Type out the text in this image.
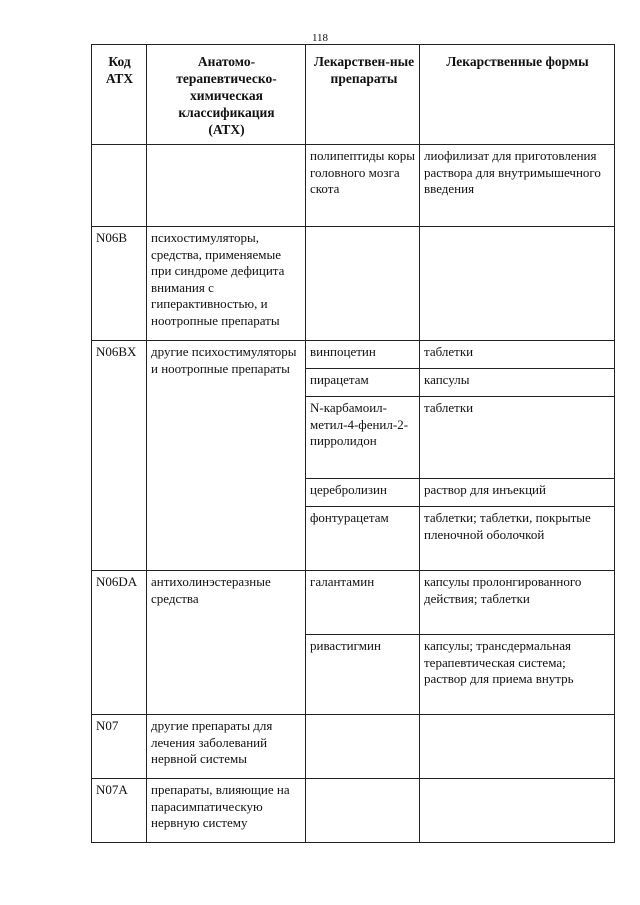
118
Код АТХ	Анатомо-терапевтическо-химическая классификация (АТХ)	Лекарствен-ные препараты	Лекарственные формы
		полипептиды коры головного мозга скота	лиофилизат для приготовления раствора для внутримышечного введения
N06B	психостимуляторы, средства, применяемые при синдроме дефицита внимания с гиперактивностью, и ноотропные препараты		
N06BX	другие психостимуляторы и ноотропные препараты	винпоцетин	таблетки
		пирацетам	капсулы
		N-карбамоил-метил-4-фенил-2-пирролидон	таблетки
		церебролизин	раствор для инъекций
		фонтурацетам	таблетки; таблетки, покрытые пленочной оболочкой
N06DA	антихолинэстеразные средства	галантамин	капсулы пролонгированного действия; таблетки
		ривастигмин	капсулы; трансдермальная терапевтическая система; раствор для приема внутрь
N07	другие препараты для лечения заболеваний нервной системы		
N07A	препараты, влияющие на парасимпатическую нервную систему		
